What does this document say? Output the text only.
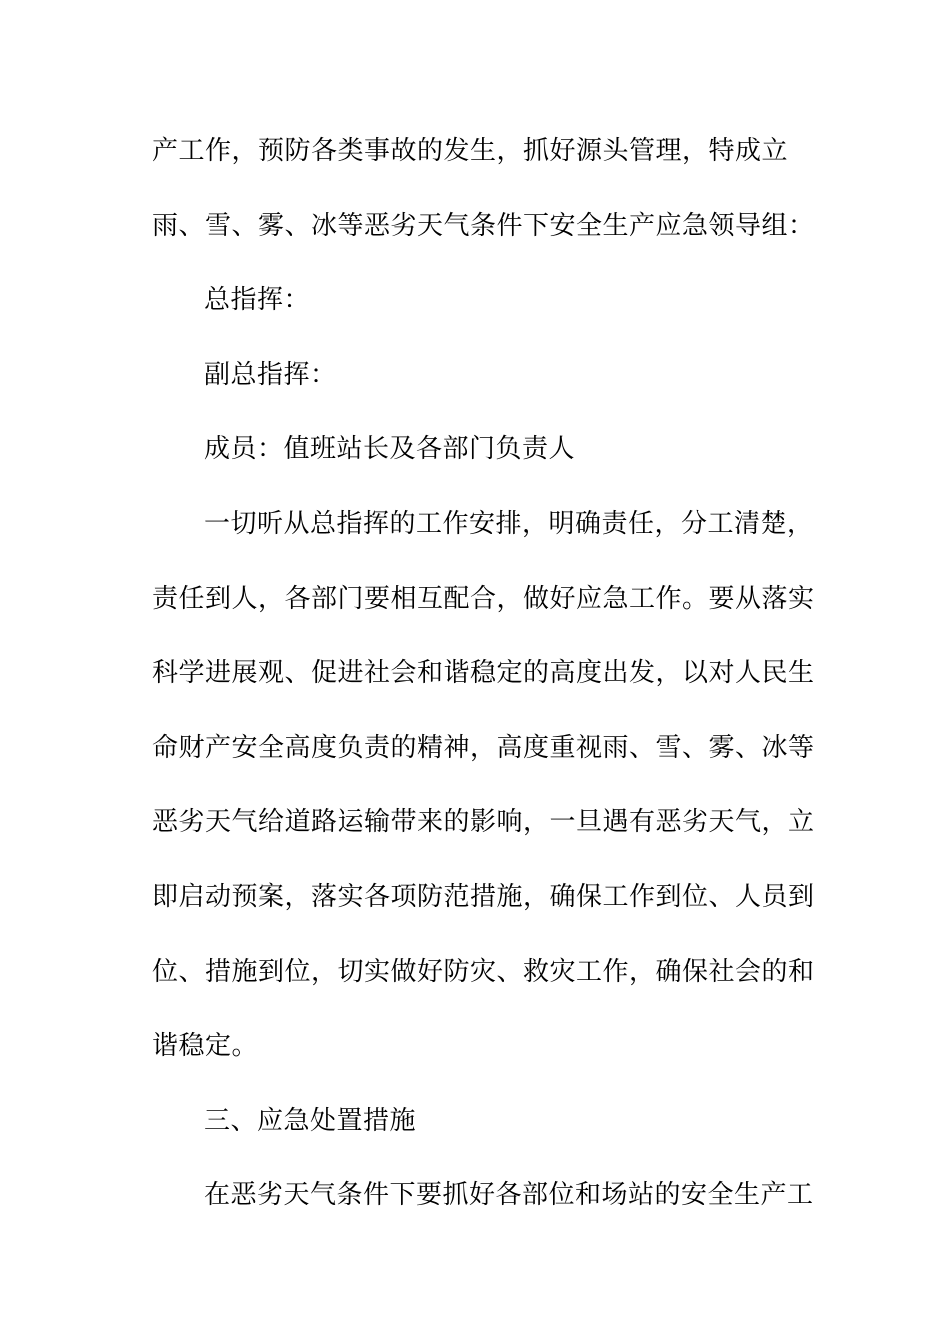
产工作，预防各类事故的发生，抓好源头管理，特成立
雨、雪、雾、冰等恶劣天气条件下安全生产应急领导组：
总指挥：
副总指挥：
成员：值班站长及各部门负责人
一切听从总指挥的工作安排，明确责任，分工清楚，
责任到人，各部门要相互配合，做好应急工作。要从落实
科学进展观、促进社会和谐稳定的高度出发，以对人民生
命财产安全高度负责的精神，高度重视雨、雪、雾、冰等
恶劣天气给道路运输带来的影响，一旦遇有恶劣天气，立
即启动预案，落实各项防范措施，确保工作到位、人员到
位、措施到位，切实做好防灾、救灾工作，确保社会的和
谐稳定。
三、应急处置措施
在恶劣天气条件下要抓好各部位和场站的安全生产工
